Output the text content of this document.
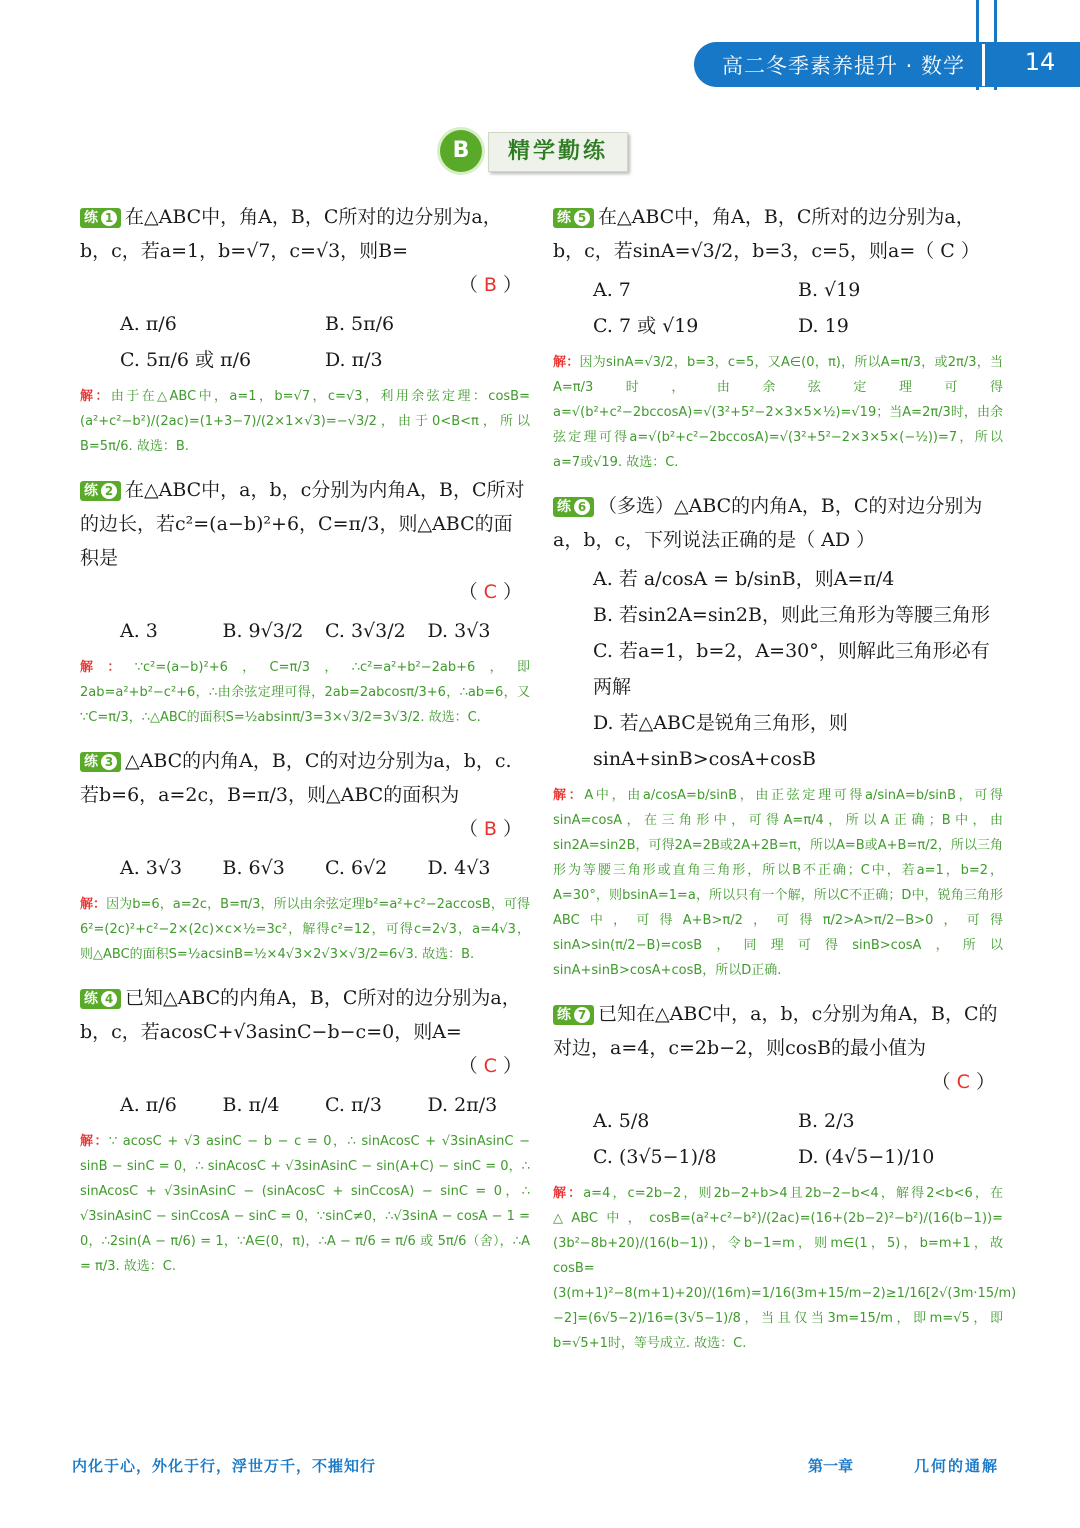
高二冬季素养提升 · 数学	14
B	精学勤练

练 1 在△ABC中，角A，B，C所对的边分别为a，b，c，若a=1，b=√7，c=√3，则B=

（ B ）
A. π/6	B. 5π/6
C. 5π/6 或 π/6	D. π/3
解：由于在△ABC中，a=1，b=√7，c=√3，利用余弦定理：cosB=(a²+c²−b²)/(2ac)=(1+3−7)/(2×1×√3)=−√3/2，由于0<B<π，所以B=5π/6. 故选：B.

练 2 在△ABC中，a，b，c分别为内角A，B，C所对的边长，若c²=(a−b)²+6，C=π/3，则△ABC的面积是

（ C ）
A. 3	B. 9√3/2	C. 3√3/2	D. 3√3
解：∵c²=(a−b)²+6，C=π/3，∴c²=a²+b²−2ab+6，即2ab=a²+b²−c²+6，∴由余弦定理可得，2ab=2abcosπ/3+6，∴ab=6，又∵C=π/3，∴△ABC的面积S=½absinπ/3=3×√3/2=3√3/2. 故选：C.

练 3 △ABC的内角A，B，C的对边分别为a，b，c. 若b=6，a=2c，B=π/3，则△ABC的面积为

（ B ）
A. 3√3	B. 6√3	C. 6√2	D. 4√3
解：因为b=6，a=2c，B=π/3，所以由余弦定理b²=a²+c²−2accosB，可得6²=(2c)²+c²−2×(2c)×c×½=3c²，解得c²=12，可得c=2√3，a=4√3，则△ABC的面积S=½acsinB=½×4√3×2√3×√3/2=6√3. 故选：B.

练 4 已知△ABC的内角A，B，C所对的边分别为a，b，c，若acosC+√3asinC−b−c=0，则A=

（ C ）
A. π/6	B. π/4	C. π/3	D. 2π/3
解：∵ acosC + √3 asinC − b − c = 0，∴ sinAcosC + √3sinAsinC − sinB − sinC = 0，∴ sinAcosC + √3sinAsinC − sin(A+C) − sinC = 0，∴ sinAcosC + √3sinAsinC − (sinAcosC + sinCcosA) − sinC = 0，∴ √3sinAsinC − sinCcosA − sinC = 0，∵sinC≠0，∴√3sinA − cosA − 1 = 0，∴2sin(A − π/6) = 1，∵A∈(0，π)，∴A − π/6 = π/6 或 5π/6（舍），∴A = π/3. 故选：C.

练 5 在△ABC中，角A，B，C所对的边分别为a，b，c，若sinA=√3/2，b=3，c=5，则a=（ C ）

A. 7	B. √19
C. 7 或 √19	D. 19
解：因为sinA=√3/2，b=3，c=5，又A∈(0，π)，所以A=π/3，或2π/3，当A=π/3时，由余弦定理可得a=√(b²+c²−2bccosA)=√(3²+5²−2×3×5×½)=√19；当A=2π/3时，由余弦定理可得a=√(b²+c²−2bccosA)=√(3²+5²−2×3×5×(−½))=7，所以a=7或√19. 故选：C.

练 6 （多选）△ABC的内角A，B，C的对边分别为a，b，c，下列说法正确的是（ AD ）

A. 若 a/cosA = b/sinB，则A=π/4
B. 若sin2A=sin2B，则此三角形为等腰三角形
C. 若a=1，b=2，A=30°，则解此三角形必有两解
D. 若△ABC是锐角三角形，则sinA+sinB>cosA+cosB
解：A中，由a/cosA=b/sinB，由正弦定理可得a/sinA=b/sinB，可得sinA=cosA，在三角形中，可得A=π/4，所以A正确；B中，由sin2A=sin2B，可得2A=2B或2A+2B=π，所以A=B或A+B=π/2，所以三角形为等腰三角形或直角三角形，所以B不正确；C中，若a=1，b=2，A=30°，则bsinA=1=a，所以只有一个解，所以C不正确；D中，锐角三角形ABC中，可得A+B>π/2，可得π/2>A>π/2−B>0，可得sinA>sin(π/2−B)=cosB，同理可得sinB>cosA，所以sinA+sinB>cosA+cosB，所以D正确.

练 7 已知在△ABC中，a，b，c分别为角A，B，C的对边，a=4，c=2b−2，则cosB的最小值为

（ C ）
A. 5/8	B. 2/3
C. (3√5−1)/8	D. (4√5−1)/10
解：a=4，c=2b−2，则2b−2+b>4且2b−2−b<4，解得2<b<6，在△ABC中，cosB=(a²+c²−b²)/(2ac)=(16+(2b−2)²−b²)/(16(b−1))=(3b²−8b+20)/(16(b−1))，令b−1=m，则m∈(1，5)，b=m+1，故cosB=(3(m+1)²−8(m+1)+20)/(16m)=1/16(3m+15/m−2)≥1/16[2√(3m·15/m)−2]=(6√5−2)/16=(3√5−1)/8，当且仅当3m=15/m，即m=√5，即b=√5+1时，等号成立. 故选：C.
内化于心，外化于行，浮世万千，不摧知行	第一章	几何的通解
